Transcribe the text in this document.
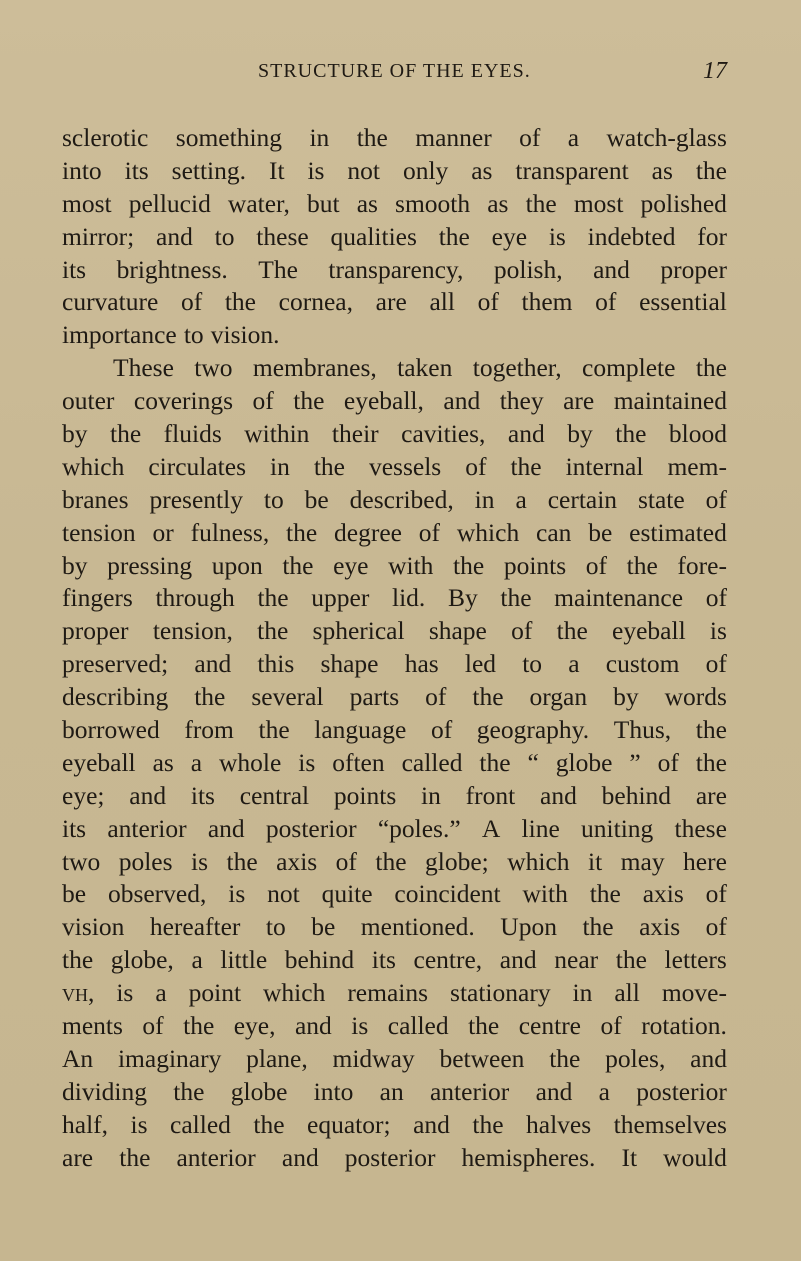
STRUCTURE OF THE EYES.	17
sclerotic something in the manner of a watch-glass
into its setting. It is not only as transparent as the
most pellucid water, but as smooth as the most polished
mirror; and to these qualities the eye is indebted for
its brightness. The transparency, polish, and proper
curvature of the cornea, are all of them of essential
importance to vision.
These two membranes, taken together, complete the
outer coverings of the eyeball, and they are maintained
by the fluids within their cavities, and by the blood
which circulates in the vessels of the internal mem-
branes presently to be described, in a certain state of
tension or fulness, the degree of which can be estimated
by pressing upon the eye with the points of the fore-
fingers through the upper lid. By the maintenance of
proper tension, the spherical shape of the eyeball is
preserved; and this shape has led to a custom of
describing the several parts of the organ by words
borrowed from the language of geography. Thus, the
eyeball as a whole is often called the “ globe ” of the
eye; and its central points in front and behind are
its anterior and posterior “poles.” A line uniting these
two poles is the axis of the globe; which it may here
be observed, is not quite coincident with the axis of
vision hereafter to be mentioned. Upon the axis of
the globe, a little behind its centre, and near the letters
vh, is a point which remains stationary in all move-
ments of the eye, and is called the centre of rotation.
An imaginary plane, midway between the poles, and
dividing the globe into an anterior and a posterior
half, is called the equator; and the halves themselves
are the anterior and posterior hemispheres. It would
